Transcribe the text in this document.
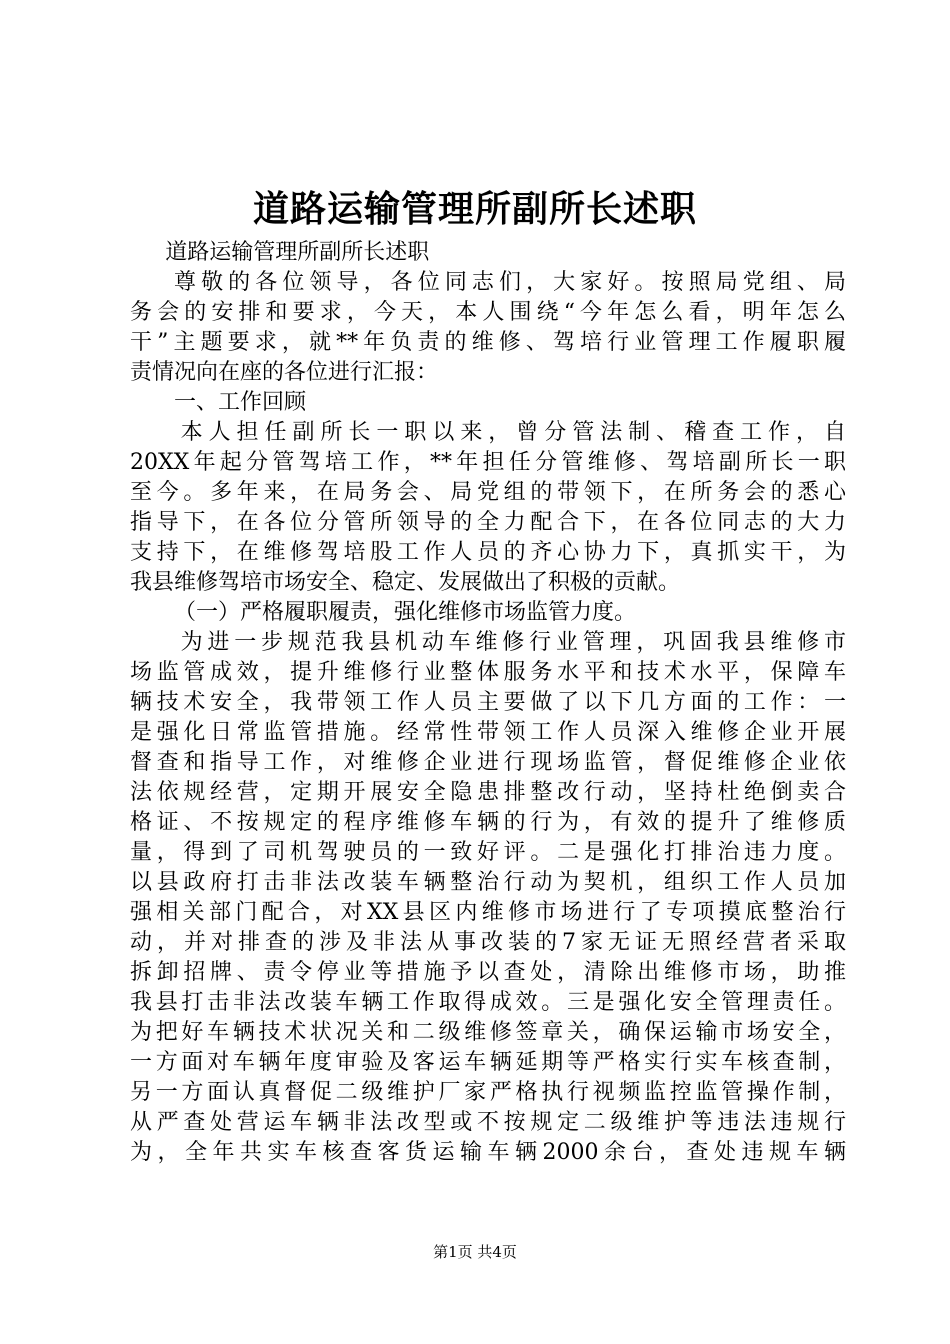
道路运输管理所副所长述职
道路运输管理所副所长述职
尊敬的各位领导，各位同志们，大家好。按照局党组、局
务会的安排和要求，今天，本人围绕“今年怎么看，明年怎么
干”主题要求，就**年负责的维修、驾培行业管理工作履职履
责情况向在座的各位进行汇报：
一、工作回顾
本人担任副所长一职以来，曾分管法制、稽查工作，自
20XX年起分管驾培工作，**年担任分管维修、驾培副所长一职
至今。多年来，在局务会、局党组的带领下，在所务会的悉心
指导下，在各位分管所领导的全力配合下，在各位同志的大力
支持下，在维修驾培股工作人员的齐心协力下，真抓实干，为
我县维修驾培市场安全、稳定、发展做出了积极的贡献。
（一）严格履职履责，强化维修市场监管力度。
为进一步规范我县机动车维修行业管理，巩固我县维修市
场监管成效，提升维修行业整体服务水平和技术水平，保障车
辆技术安全，我带领工作人员主要做了以下几方面的工作：一
是强化日常监管措施。经常性带领工作人员深入维修企业开展
督查和指导工作，对维修企业进行现场监管，督促维修企业依
法依规经营，定期开展安全隐患排整改行动，坚持杜绝倒卖合
格证、不按规定的程序维修车辆的行为，有效的提升了维修质
量，得到了司机驾驶员的一致好评。二是强化打排治违力度。
以县政府打击非法改装车辆整治行动为契机，组织工作人员加
强相关部门配合，对XX县区内维修市场进行了专项摸底整治行
动，并对排查的涉及非法从事改装的7家无证无照经营者采取
拆卸招牌、责令停业等措施予以查处，清除出维修市场，助推
我县打击非法改装车辆工作取得成效。三是强化安全管理责任。
为把好车辆技术状况关和二级维修签章关，确保运输市场安全，
一方面对车辆年度审验及客运车辆延期等严格实行实车核查制，
另一方面认真督促二级维护厂家严格执行视频监控监管操作制，
从严查处营运车辆非法改型或不按规定二级维护等违法违规行
为，全年共实车核查客货运输车辆2000余台，查处违规车辆
第1页 共4页
